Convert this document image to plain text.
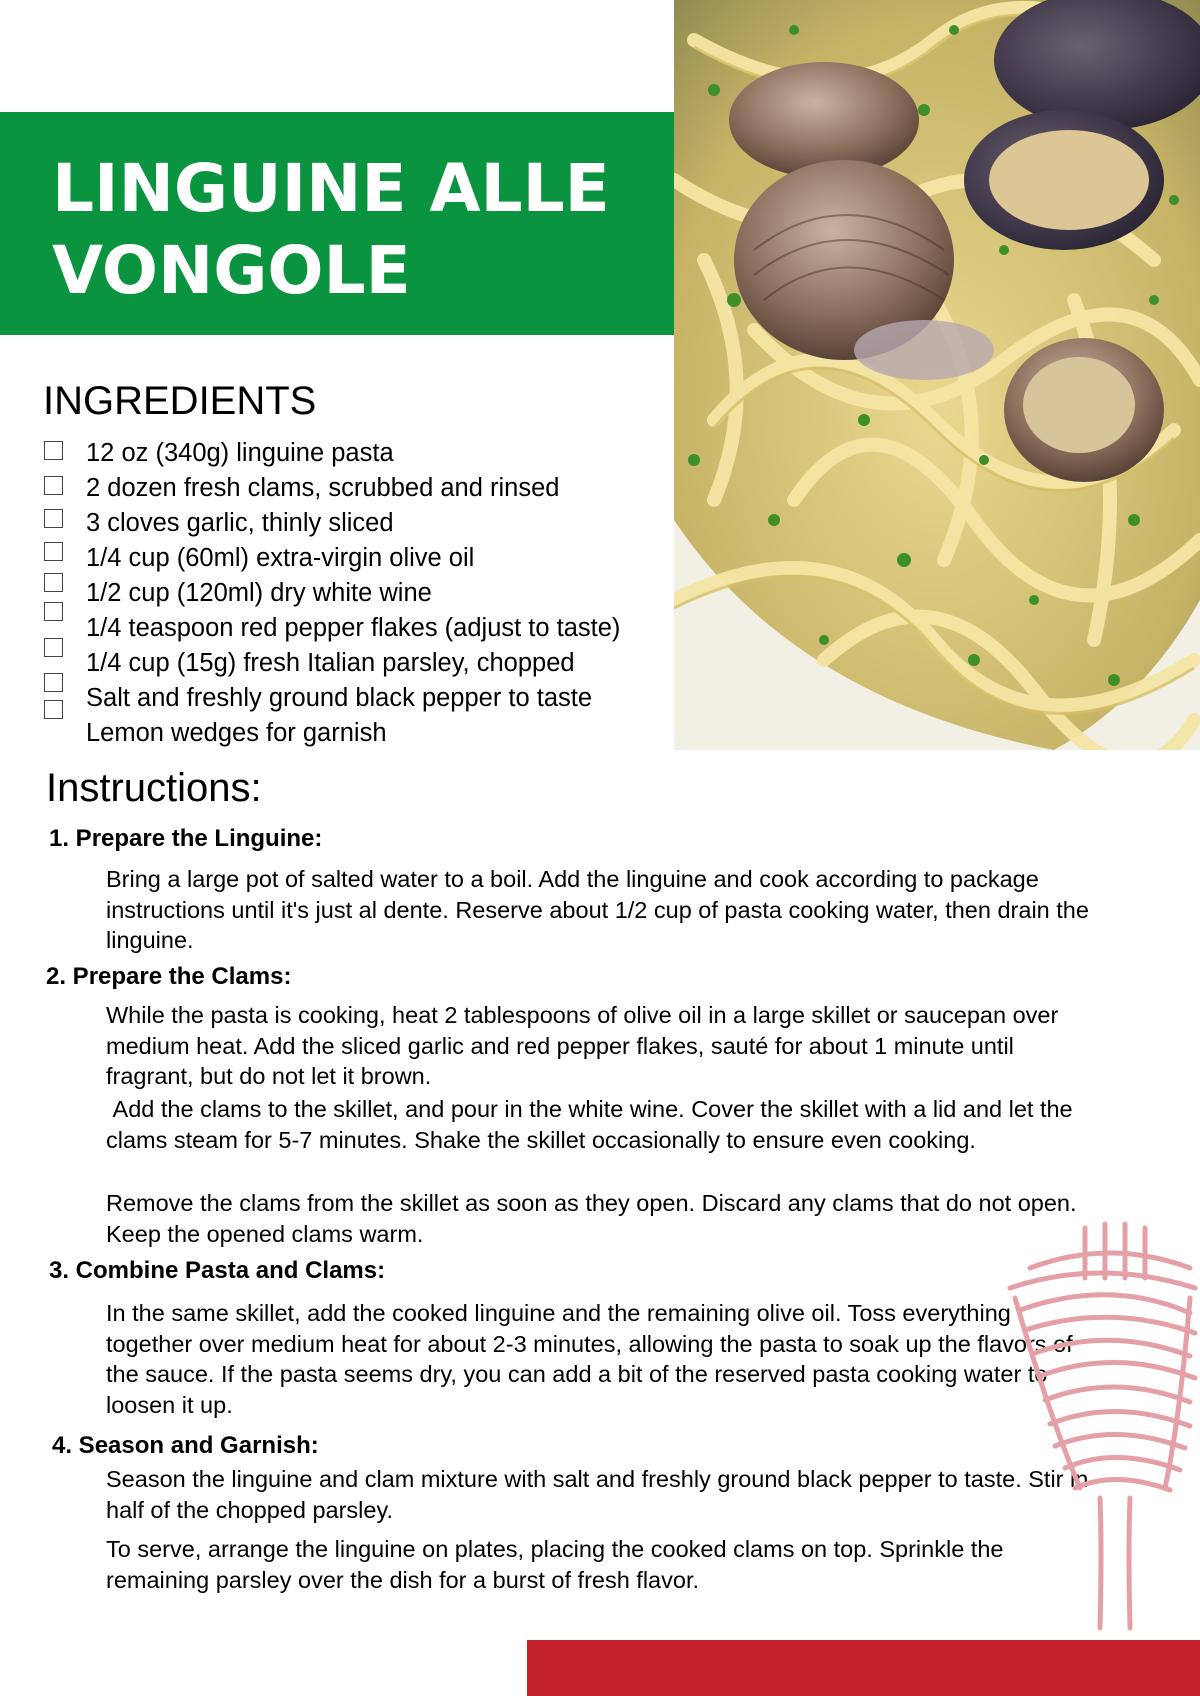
LINGUINE ALLE VONGOLE
INGREDIENTS
12 oz (340g) linguine pasta
2 dozen fresh clams, scrubbed and rinsed
3 cloves garlic, thinly sliced
1/4 cup (60ml) extra-virgin olive oil
1/2 cup (120ml) dry white wine
1/4 teaspoon red pepper flakes (adjust to taste)
1/4 cup (15g) fresh Italian parsley, chopped
Salt and freshly ground black pepper to taste
Lemon wedges for garnish
Instructions:
1. Prepare the Linguine:

Bring a large pot of salted water to a boil. Add the linguine and cook according to package instructions until it's just al dente. Reserve about 1/2 cup of pasta cooking water, then drain the linguine.

2. Prepare the Clams:

While the pasta is cooking, heat 2 tablespoons of olive oil in a large skillet or saucepan over medium heat. Add the sliced garlic and red pepper flakes, sauté for about 1 minute until fragrant, but do not let it brown.

Add the clams to the skillet, and pour in the white wine. Cover the skillet with a lid and let the clams steam for 5-7 minutes. Shake the skillet occasionally to ensure even cooking.

Remove the clams from the skillet as soon as they open. Discard any clams that do not open. Keep the opened clams warm.

3. Combine Pasta and Clams:

In the same skillet, add the cooked linguine and the remaining olive oil. Toss everything together over medium heat for about 2-3 minutes, allowing the pasta to soak up the flavors of the sauce. If the pasta seems dry, you can add a bit of the reserved pasta cooking water to loosen it up.

4. Season and Garnish:

Season the linguine and clam mixture with salt and freshly ground black pepper to taste. Stir in half of the chopped parsley.

To serve, arrange the linguine on plates, placing the cooked clams on top. Sprinkle the remaining parsley over the dish for a burst of fresh flavor.
